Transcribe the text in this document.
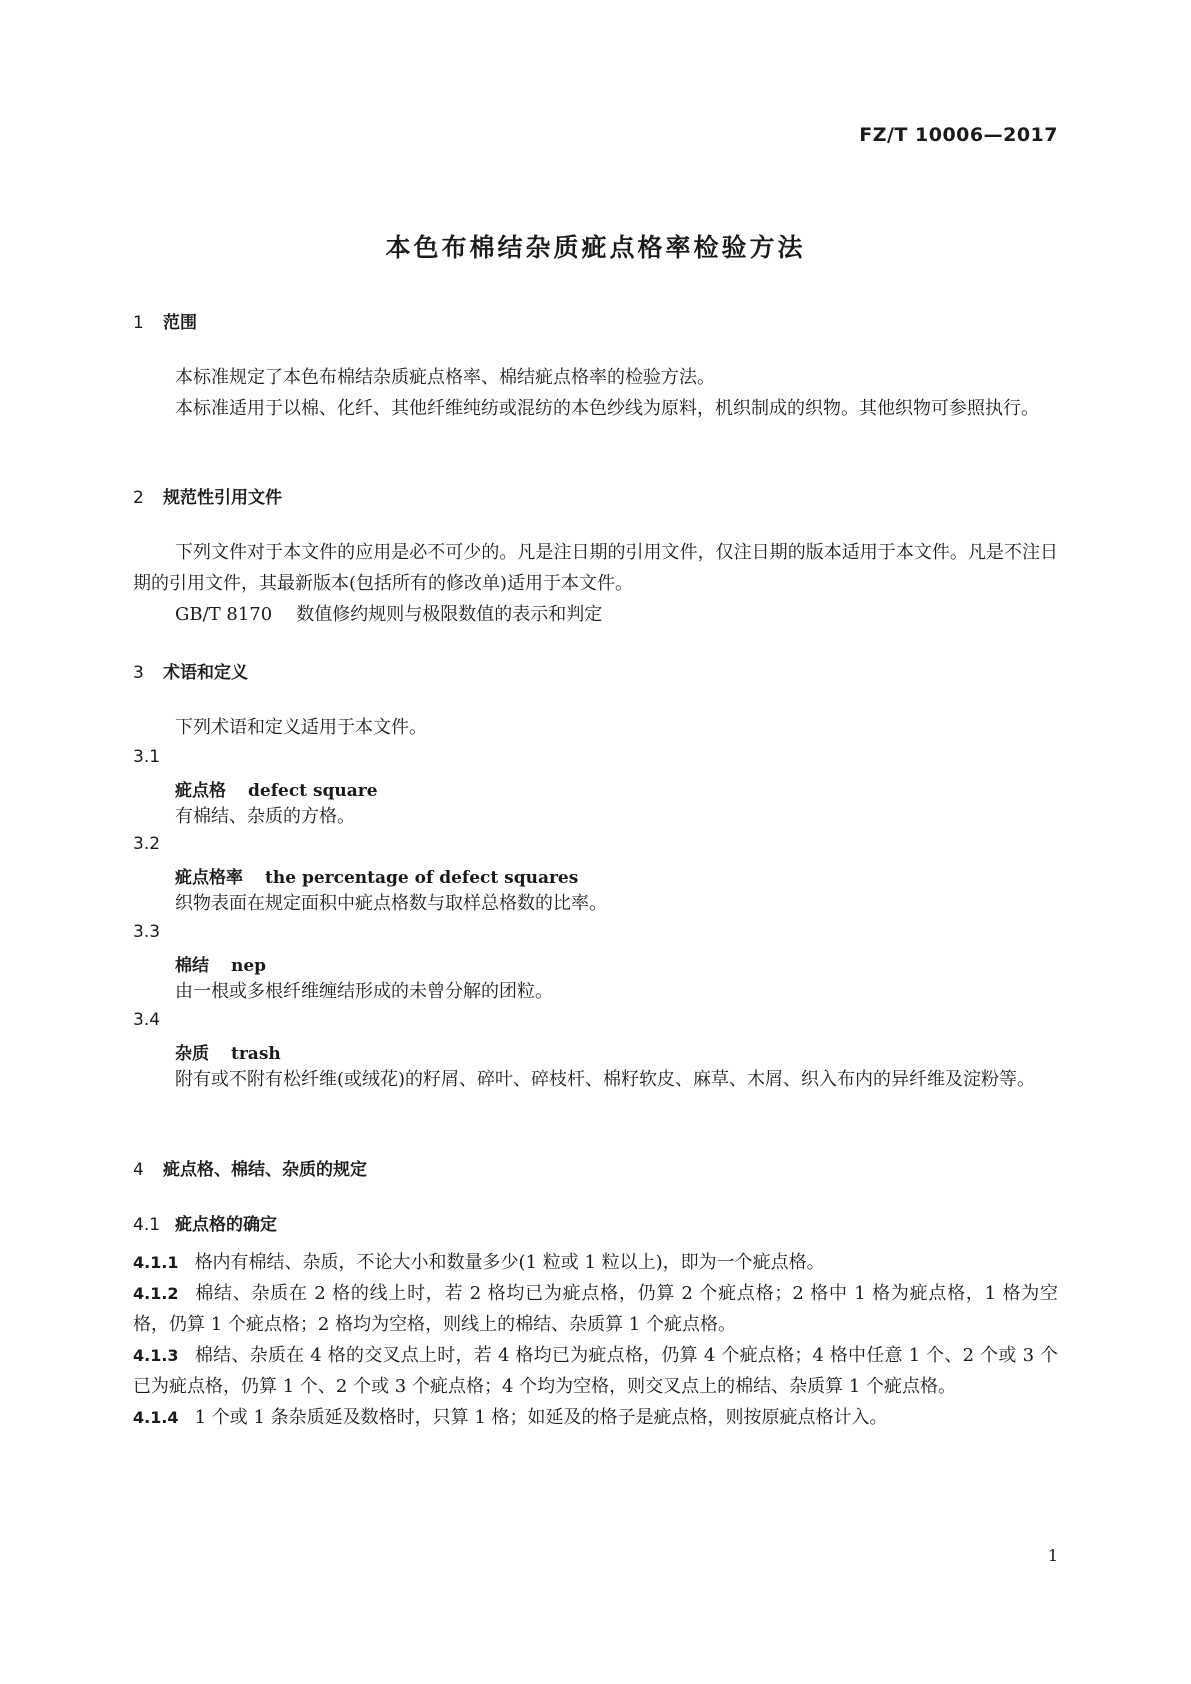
FZ/T 10006—2017
本色布棉结杂质疵点格率检验方法
1 范围
本标准规定了本色布棉结杂质疵点格率、棉结疵点格率的检验方法。
本标准适用于以棉、化纤、其他纤维纯纺或混纺的本色纱线为原料，机织制成的织物。其他织物可参照执行。
2 规范性引用文件
下列文件对于本文件的应用是必不可少的。凡是注日期的引用文件，仅注日期的版本适用于本文件。凡是不注日期的引用文件，其最新版本(包括所有的修改单)适用于本文件。
GB/T 8170 数值修约规则与极限数值的表示和判定
3 术语和定义
下列术语和定义适用于本文件。
3.1
疵点格 defect square
有棉结、杂质的方格。
3.2
疵点格率 the percentage of defect squares
织物表面在规定面积中疵点格数与取样总格数的比率。
3.3
棉结 nep
由一根或多根纤维缠结形成的未曾分解的团粒。
3.4
杂质 trash
附有或不附有松纤维(或绒花)的籽屑、碎叶、碎枝杆、棉籽软皮、麻草、木屑、织入布内的异纤维及淀粉等。
4 疵点格、棉结、杂质的规定
4.1 疵点格的确定
4.1.1 格内有棉结、杂质，不论大小和数量多少(1 粒或 1 粒以上)，即为一个疵点格。
4.1.2 棉结、杂质在 2 格的线上时，若 2 格均已为疵点格，仍算 2 个疵点格；2 格中 1 格为疵点格，1 格为空格，仍算 1 个疵点格；2 格均为空格，则线上的棉结、杂质算 1 个疵点格。
4.1.3 棉结、杂质在 4 格的交叉点上时，若 4 格均已为疵点格，仍算 4 个疵点格；4 格中任意 1 个、2 个或 3 个已为疵点格，仍算 1 个、2 个或 3 个疵点格；4 个均为空格，则交叉点上的棉结、杂质算 1 个疵点格。
4.1.4 1 个或 1 条杂质延及数格时，只算 1 格；如延及的格子是疵点格，则按原疵点格计入。
1
